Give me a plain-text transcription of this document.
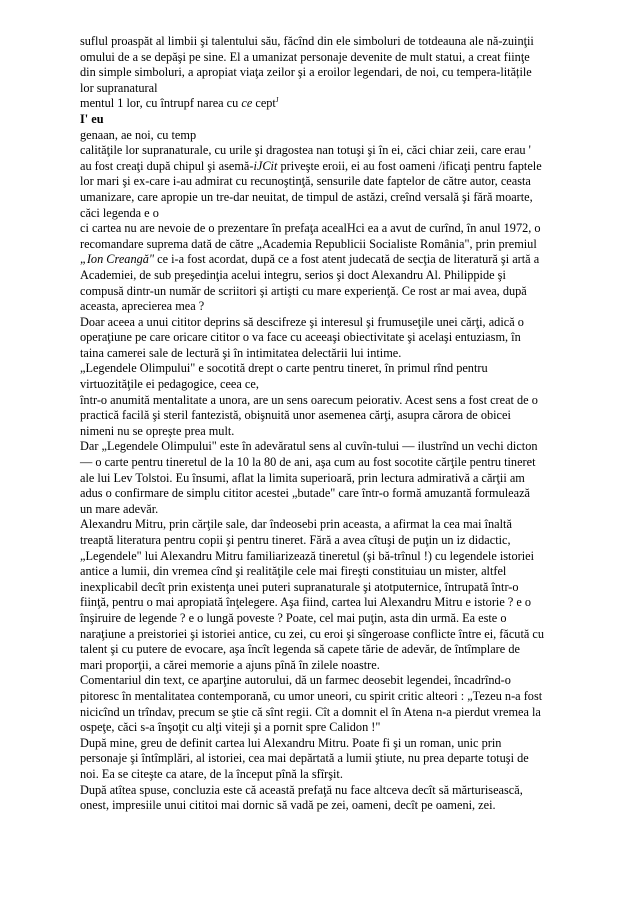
suflul proaspăt al limbii şi talentului său, făcînd din ele simboluri de totdeauna ale nă-zuinţii
omului de a se depăşi pe sine. El a umanizat personaje devenite de mult statui, a creat fiinţe
din simple simboluri, a apropiat viaţa zeilor şi a eroilor legendari, de noi, cu tempera-litățile
lor supranatural
mentul 1 lor, cu întrupf narea cu ce cept$^J$
I' eu
genaan, ae noi, cu temp
calităţile lor supranaturale, cu urile şi dragostea nan totuşi şi în ei, căci chiar zeii, care erau '
au fost creaţi după chipul şi asemă-iJCit priveşte eroii, ei au fost oameni /ificaţi pentru faptele
lor mari şi ex-care i-au admirat cu recunoştinţă, sensurile date faptelor de către autor, ceasta
umanizare, care apropie un tre-dar neuitat, de timpul de astăzi, creînd versală şi fără moarte,
căci legenda e o
ci cartea nu are nevoie de o prezentare în prefaţa acealHci ea a avut de curînd, în anul 1972, o
recomandare suprema dată de către „Academia Republicii Socialiste România", prin premiul
„Ion Creangă" ce i-a fost acordat, după ce a fost atent judecată de secţia de literatură şi artă a
Academiei, de sub preşedinţia acelui integru, serios şi doct Alexandru Al. Philippide şi
compusă dintr-un număr de scriitori şi artişti cu mare experienţă. Ce rost ar mai avea, după
aceasta, aprecierea mea ?
Doar aceea a unui cititor deprins să descifreze şi interesul şi frumuseţile unei cărţi, adică o
operaţiune pe care oricare cititor o va face cu aceeaşi obiectivitate şi acelaşi entuziasm, în
taina camerei sale de lectură şi în intimitatea delectării lui intime.
„Legendele Olimpului" e socotită drept o carte pentru tineret, în primul rînd pentru
virtuozităţile ei pedagogice, ceea ce,
într-o anumită mentalitate a unora, are un sens oarecum peiorativ. Acest sens a fost creat de o
practică facilă şi steril fantezistă, obişnuită unor asemenea cărţi, asupra cărora de obicei
nimeni nu se opreşte prea mult.
Dar „Legendele Olimpului" este în adevăratul sens al cuvîn-tului — ilustrînd un vechi dicton
— o carte pentru tineretul de la 10 la 80 de ani, aşa cum au fost socotite cărţile pentru tineret
ale lui Lev Tolstoi. Eu însumi, aflat la limita superioară, prin lectura admirativă a cărţii am
adus o confirmare de simplu cititor acestei „butade" care într-o formă amuzantă formulează
un mare adevăr.
Alexandru Mitru, prin cărţile sale, dar îndeosebi prin aceasta, a afirmat la cea mai înaltă
treaptă literatura pentru copii şi pentru tineret. Fără a avea cîtuşi de puţin un iz didactic,
„Legendele" lui Alexandru Mitru familiarizează tineretul (şi bă-trînul !) cu legendele istoriei
antice a lumii, din vremea cînd şi realităţile cele mai fireşti constituiau un mister, altfel
inexplicabil decît prin existenţa unei puteri supranaturale şi atotputernice, întrupată într-o
fiinţă, pentru o mai apropiată înţelegere. Aşa fiind, cartea lui Alexandru Mitru e istorie ? e o
înşiruire de legende ? e o lungă poveste ? Poate, cel mai puţin, asta din urmă. Ea este o
naraţiune a preistoriei şi istoriei antice, cu zei, cu eroi şi sîngeroase conflicte între ei, făcută cu
talent şi cu putere de evocare, aşa încît legenda să capete tărie de adevăr, de întîmplare de
mari proporţii, a cărei memorie a ajuns pînă în zilele noastre.
Comentariul din text, ce aparţine autorului, dă un farmec deosebit legendei, încadrînd-o
pitoresc în mentalitatea contemporană, cu umor uneori, cu spirit critic alteori : „Tezeu n-a fost
nicicînd un trîndav, precum se ştie că sînt regii. Cît a domnit el în Atena n-a pierdut vremea la
ospeţe, căci s-a înşoţit cu alţi viteji şi a pornit spre Calidon !"
După mine, greu de definit cartea lui Alexandru Mitru. Poate fi şi un roman, unic prin
personaje şi întîmplări, al istoriei, cea mai depărtată a lumii ştiute, nu prea departe totuşi de
noi. Ea se citeşte ca atare, de la început pînă la sfîrşit.
După atîtea spuse, concluzia este că această prefaţă nu face altceva decît să mărturisească,
onest, impresiile unui cititoi mai dornic să vadă pe zei, oameni, decît pe oameni, zei.
